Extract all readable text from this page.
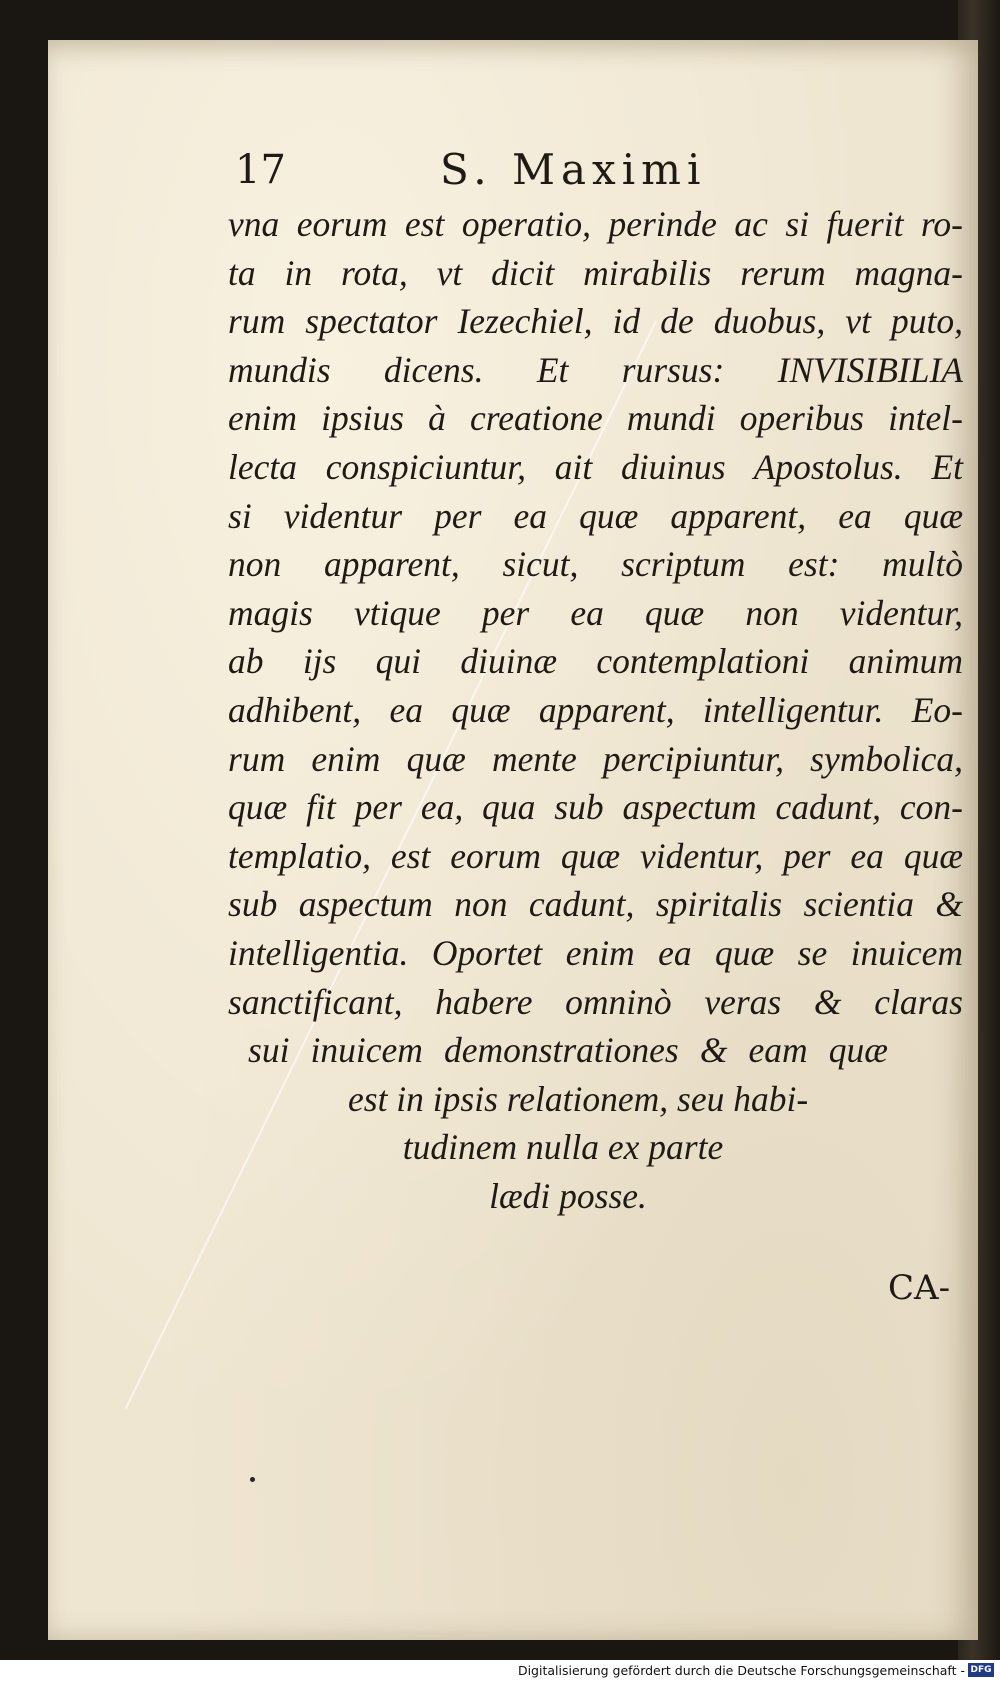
17	S. Maximi
vna eorum est operatio, perinde ac si fuerit ro-
ta in rota, vt dicit mirabilis rerum magna-
rum spectator Iezechiel, id de duobus, vt puto,
mundis dicens. Et rursus: INVISIBILIA
enim ipsius à creatione mundi operibus intel-
lecta conspiciuntur, ait diuinus Apostolus. Et
si videntur per ea quæ apparent, ea quæ
non apparent, sicut, scriptum est: multò
magis vtique per ea quæ non videntur,
ab ijs qui diuinæ contemplationi animum
adhibent, ea quæ apparent, intelligentur. Eo-
rum enim quæ mente percipiuntur, symbolica,
quæ fit per ea, qua sub aspectum cadunt, con-
templatio, est eorum quæ videntur, per ea quæ
sub aspectum non cadunt, spiritalis scientia &
intelligentia. Oportet enim ea quæ se inuicem
sanctificant, habere omninò veras & claras
sui inuicem demonstrationes & eam quæ
est in ipsis relationem, seu habi-
tudinem nulla ex parte
lædi posse.
CA-
Digitalisierung gefördert durch die Deutsche Forschungsgemeinschaft - DFG
